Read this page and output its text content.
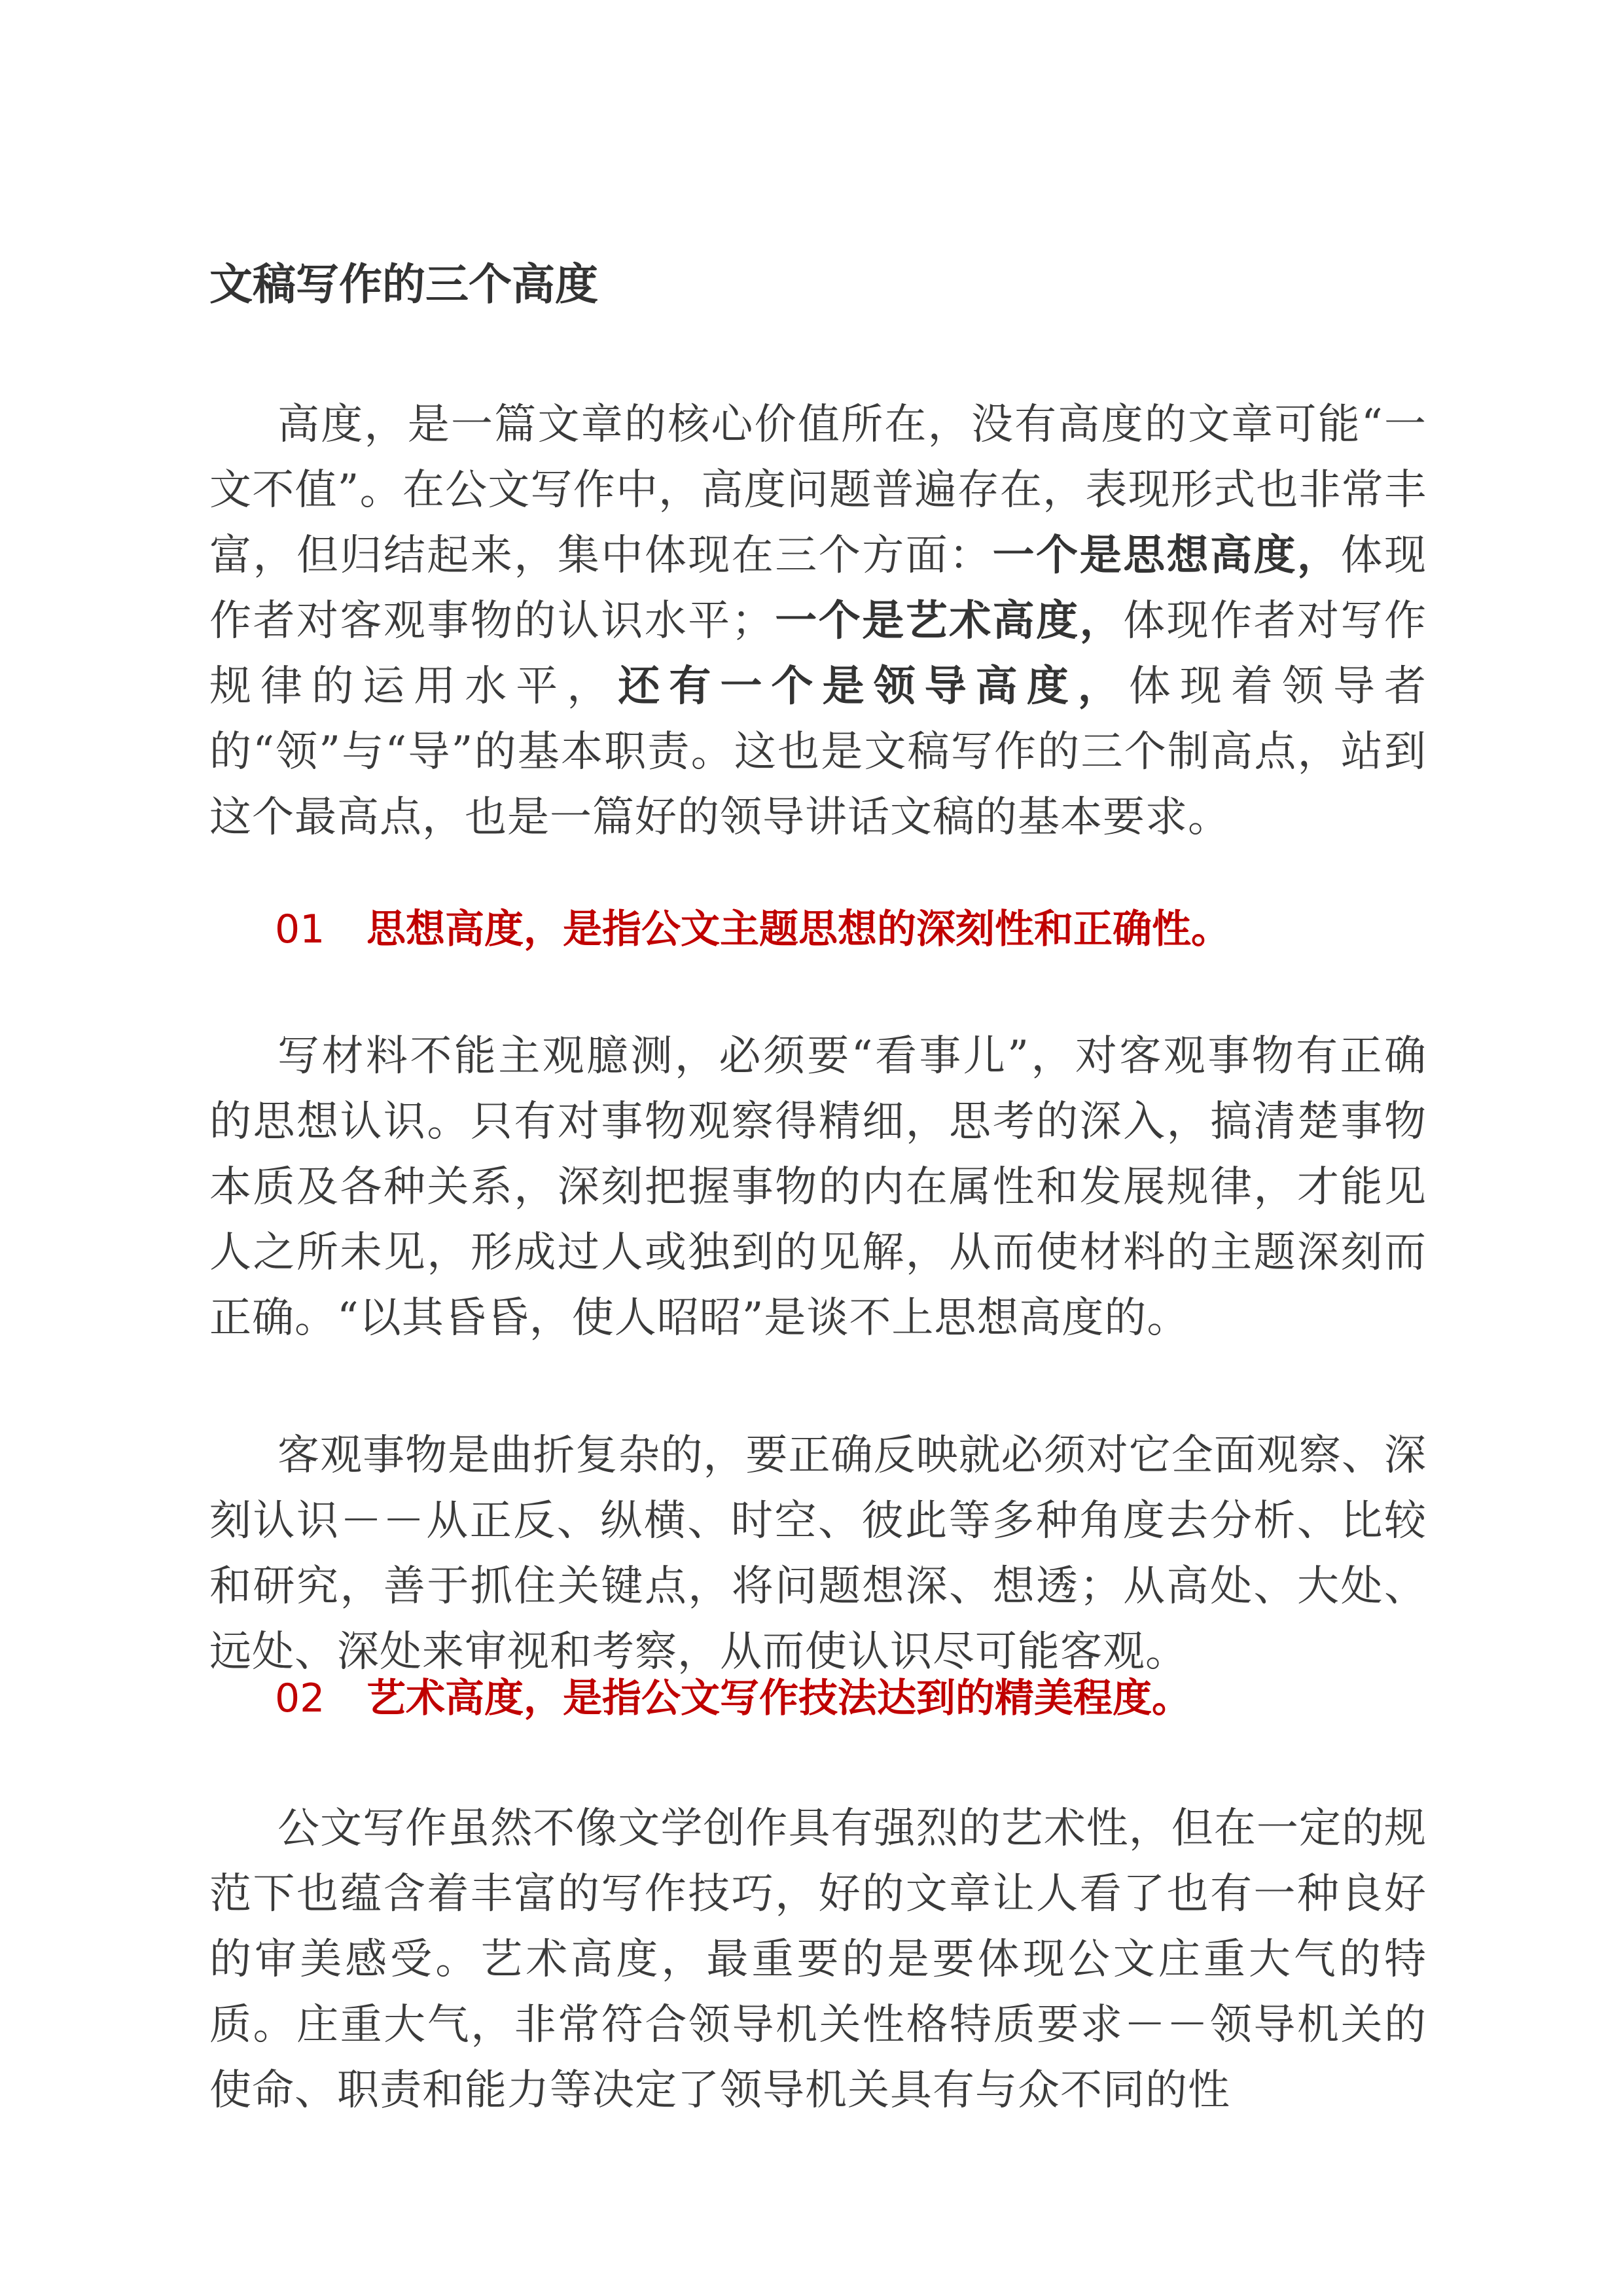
文稿写作的三个高度

高度，是一篇文章的核心价值所在，没有高度的文章可能“一文不值”。在公文写作中，高度问题普遍存在，表现形式也非常丰富，但归结起来，集中体现在三个方面：一个是思想高度，体现作者对客观事物的认识水平；一个是艺术高度，体现作者对写作规律的运用水平，还有一个是领导高度，体现着领导者的“领”与“导”的基本职责。这也是文稿写作的三个制高点，站到这个最高点，也是一篇好的领导讲话文稿的基本要求。

01 思想高度，是指公文主题思想的深刻性和正确性。

写材料不能主观臆测，必须要“看事儿”，对客观事物有正确的思想认识。只有对事物观察得精细，思考的深入，搞清楚事物本质及各种关系，深刻把握事物的内在属性和发展规律，才能见人之所未见，形成过人或独到的见解，从而使材料的主题深刻而正确。“以其昏昏，使人昭昭”是谈不上思想高度的。

客观事物是曲折复杂的，要正确反映就必须对它全面观察、深刻认识－－从正反、纵横、时空、彼此等多种角度去分析、比较和研究，善于抓住关键点，将问题想深、想透；从高处、大处、远处、深处来审视和考察，从而使认识尽可能客观。

02 艺术高度，是指公文写作技法达到的精美程度。

公文写作虽然不像文学创作具有强烈的艺术性，但在一定的规范下也蕴含着丰富的写作技巧，好的文章让人看了也有一种良好的审美感受。艺术高度，最重要的是要体现公文庄重大气的特质。庄重大气，非常符合领导机关性格特质要求－－领导机关的使命、职责和能力等决定了领导机关具有与众不同的性
